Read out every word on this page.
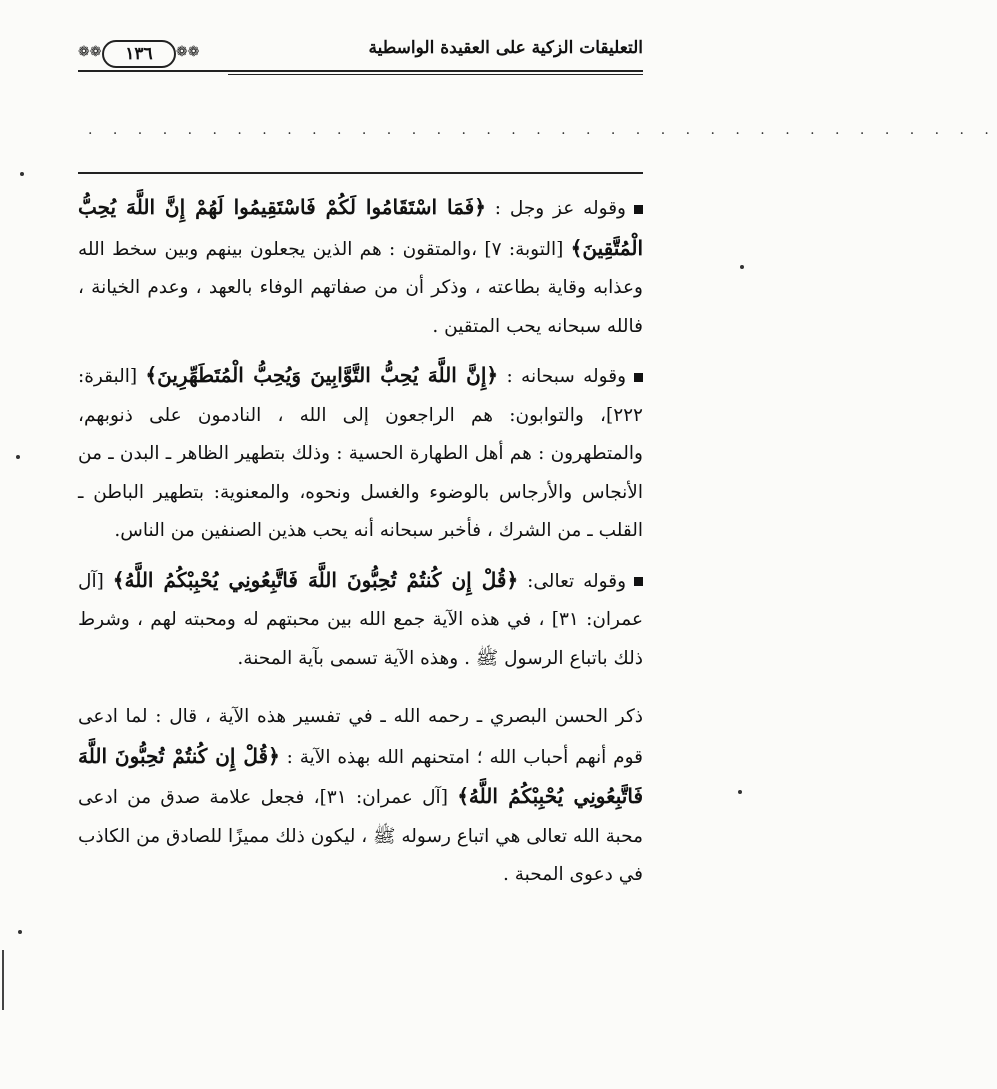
التعليقات الزكية على العقيدة الواسطية
❁❁	١٣٦	❁❁
. . . . . . . . . . . . . . . . . . . . . . . . . . . . . . . . . . . . .

وقوله عز وجل : ﴿فَمَا اسْتَقَامُوا لَكُمْ فَاسْتَقِيمُوا لَهُمْ إِنَّ اللَّهَ يُحِبُّ الْمُتَّقِينَ﴾ [التوبة: ٧] ،والمتقون : هم الذين يجعلون بينهم وبين سخط الله وعذابه وقاية بطاعته ، وذكر أن من صفاتهم الوفاء بالعهد ، وعدم الخيانة ، فالله سبحانه يحب المتقين .

وقوله سبحانه : ﴿إِنَّ اللَّهَ يُحِبُّ التَّوَّابِينَ وَيُحِبُّ الْمُتَطَهِّرِينَ﴾ [البقرة: ٢٢٢]، والتوابون: هم الراجعون إلى الله ، النادمون على ذنوبهم، والمتطهرون : هم أهل الطهارة الحسية : وذلك بتطهير الظاهر ـ البدن ـ من الأنجاس والأرجاس بالوضوء والغسل ونحوه، والمعنوية: بتطهير الباطن ـ القلب ـ من الشرك ، فأخبر سبحانه أنه يحب هذين الصنفين من الناس.

وقوله تعالى: ﴿قُلْ إِن كُنتُمْ تُحِبُّونَ اللَّهَ فَاتَّبِعُونِي يُحْبِبْكُمُ اللَّهُ﴾ [آل عمران: ٣١] ، في هذه الآية جمع الله بين محبتهم له ومحبته لهم ، وشرط ذلك باتباع الرسول ﷺ . وهذه الآية تسمى بآية المحنة.

ذكر الحسن البصري ـ رحمه الله ـ في تفسير هذه الآية ، قال : لما ادعى قوم أنهم أحباب الله ؛ امتحنهم الله بهذه الآية : ﴿قُلْ إِن كُنتُمْ تُحِبُّونَ اللَّهَ فَاتَّبِعُونِي يُحْبِبْكُمُ اللَّهُ﴾ [آل عمران: ٣١]، فجعل علامة صدق من ادعى محبة الله تعالى هي اتباع رسوله ﷺ ، ليكون ذلك مميزًا للصادق من الكاذب في دعوى المحبة .
